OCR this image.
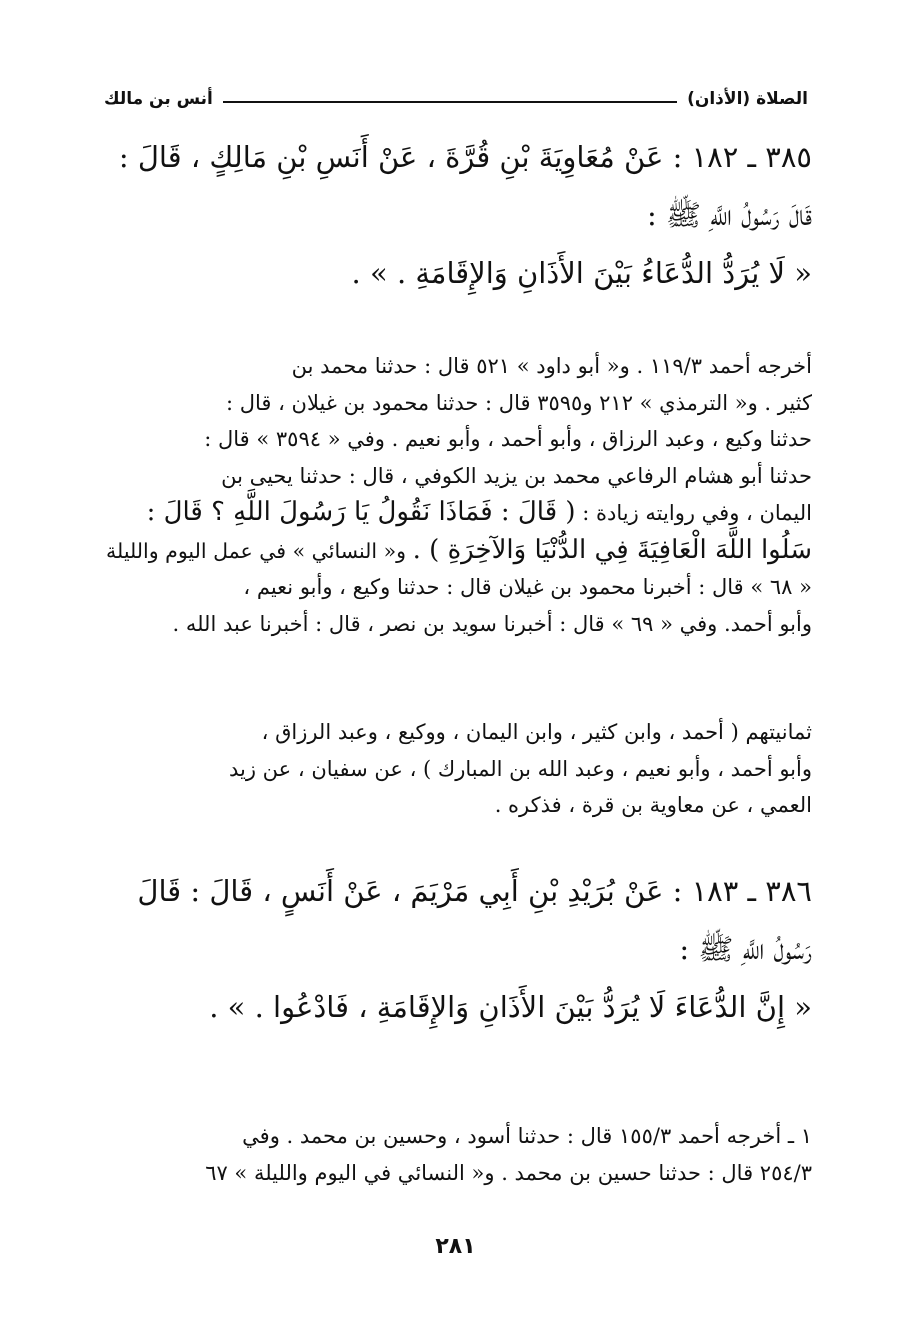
الصلاة (الأذان)
أنس بن مالك
٣٨٥ ـ ١٨٢ : عَنْ مُعَاوِيَةَ بْنِ قُرَّةَ ، عَنْ أَنَسِ بْنِ مَالِكٍ ، قَالَ :
قَالَ رَسُولُ اللَّهِ ﷺ :
« لَا يُرَدُّ الدُّعَاءُ بَيْنَ الأَذَانِ وَالإِقَامَةِ . » .
أخرجه أحمد ١١٩/٣ . و« أبو داود » ٥٢١ قال : حدثنا محمد بن
كثير . و« الترمذي » ٢١٢ و٣٥٩٥ قال : حدثنا محمود بن غيلان ، قال :
حدثنا وكيع ، وعبد الرزاق ، وأبو أحمد ، وأبو نعيم . وفي « ٣٥٩٤ » قال :
حدثنا أبو هشام الرفاعي محمد بن يزيد الكوفي ، قال : حدثنا يحيى بن
اليمان ، وفي روايته زيادة : ( قَالَ : فَمَاذَا نَقُولُ يَا رَسُولَ اللَّهِ ؟ قَالَ :
سَلُوا اللَّهَ الْعَافِيَةَ فِي الدُّنْيَا وَالآخِرَةِ ) . و« النسائي » في عمل اليوم والليلة
« ٦٨ » قال : أخبرنا محمود بن غيلان قال : حدثنا وكيع ، وأبو نعيم ،
وأبو أحمد. وفي « ٦٩ » قال : أخبرنا سويد بن نصر ، قال : أخبرنا عبد الله .
ثمانيتهم ( أحمد ، وابن كثير ، وابن اليمان ، ووكيع ، وعبد الرزاق ،
وأبو أحمد ، وأبو نعيم ، وعبد الله بن المبارك ) ، عن سفيان ، عن زيد
العمي ، عن معاوية بن قرة ، فذكره .
٣٨٦ ـ ١٨٣ : عَنْ بُرَيْدِ بْنِ أَبِي مَرْيَمَ ، عَنْ أَنَسٍ ، قَالَ : قَالَ
رَسُولُ اللَّهِ ﷺ :
« إِنَّ الدُّعَاءَ لَا يُرَدُّ بَيْنَ الأَذَانِ وَالإِقَامَةِ ، فَادْعُوا . » .
١ ـ أخرجه أحمد ١٥٥/٣ قال : حدثنا أسود ، وحسين بن محمد . وفي
٢٥٤/٣ قال : حدثنا حسين بن محمد . و« النسائي في اليوم والليلة » ٦٧
٢٨١
